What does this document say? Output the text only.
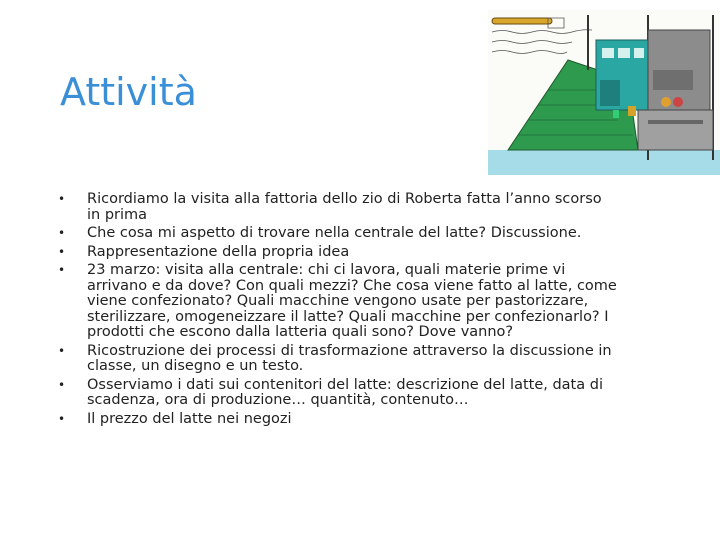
Attività
• Ricordiamo la visita alla fattoria dello zio di Roberta fatta l’anno scorso in prima
• Che cosa mi aspetto di trovare nella centrale del latte? Discussione.
• Rappresentazione della propria idea
• 23 marzo: visita alla centrale: chi ci lavora, quali materie prime vi arrivano e da dove? Con quali mezzi? Che cosa viene fatto al latte, come viene confezionato? Quali macchine vengono usate per pastorizzare, sterilizzare, omogeneizzare il latte? Quali macchine per confezionarlo? I prodotti che escono dalla latteria quali sono? Dove vanno?
• Ricostruzione dei processi di trasformazione attraverso la discussione in classe, un disegno e un testo.
• Osserviamo i dati sui contenitori del latte: descrizione del latte, data di scadenza, ora di produzione… quantità, contenuto…
• Il prezzo del latte nei negozi
